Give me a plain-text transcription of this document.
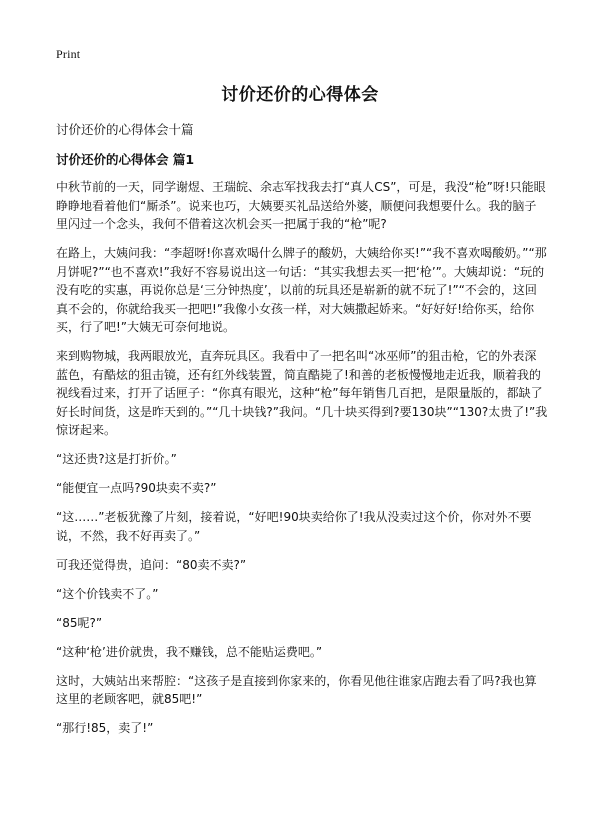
Print
讨价还价的心得体会
讨价还价的心得体会十篇
讨价还价的心得体会 篇1

中秋节前的一天，同学谢煜、王瑞皖、余志军找我去打“真人CS”，可是，我没“枪”呀!只能眼睁睁地看着他们“厮杀”。说来也巧，大姨要买礼品送给外婆，顺便问我想要什么。我的脑子里闪过一个念头，我何不借着这次机会买一把属于我的“枪”呢?

在路上，大姨问我：“李超呀!你喜欢喝什么牌子的酸奶，大姨给你买!”“我不喜欢喝酸奶。”“那月饼呢?”“也不喜欢!”我好不容易说出这一句话：“其实我想去买一把‘枪’”。大姨却说：“玩的没有吃的实惠，再说你总是‘三分钟热度’，以前的玩具还是崭新的就不玩了!”“不会的，这回真不会的，你就给我买一把吧!”我像小女孩一样，对大姨撒起娇来。“好好好!给你买，给你买，行了吧!”大姨无可奈何地说。

来到购物城，我两眼放光，直奔玩具区。我看中了一把名叫“冰巫师”的狙击枪，它的外表深蓝色，有酷炫的狙击镜，还有红外线装置，简直酷毙了!和善的老板慢慢地走近我，顺着我的视线看过来，打开了话匣子：“你真有眼光，这种“枪”每年销售几百把，是限量版的，都缺了好长时间货，这是昨天到的。”“几十块钱?”我问。“几十块买得到?要130块”“130?太贵了!”我惊讶起来。

“这还贵?这是打折价。”

“能便宜一点吗?90块卖不卖?”

“这……”老板犹豫了片刻，接着说，“好吧!90块卖给你了!我从没卖过这个价，你对外不要说，不然，我不好再卖了。”

可我还觉得贵，追问：“80卖不卖?”

“这个价钱卖不了。”

“85呢?”

“这种‘枪’进价就贵，我不赚钱，总不能贴运费吧。”

这时，大姨站出来帮腔：“这孩子是直接到你家来的，你看见他往谁家店跑去看了吗?我也算这里的老顾客吧，就85吧!”

“那行!85，卖了!”
